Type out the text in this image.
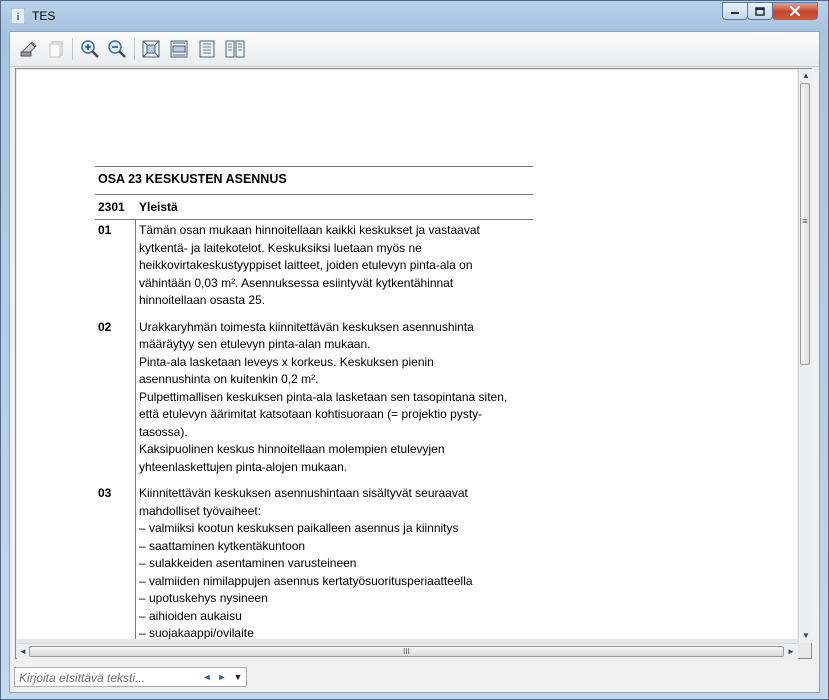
i TES
OSA 23 KESKUSTEN ASENNUS
2301	Yleistä
01	Tämän osan mukaan hinnoitellaan kaikki keskukset ja vastaavat
kytkentä- ja laitekotelot. Keskuksiksi luetaan myös ne
heikkovirtakeskustyyppiset laitteet, joiden etulevyn pinta-ala on
vähintään 0,03 m². Asennuksessa esiintyvät kytkentähinnat
hinnoitellaan osasta 25.
02	Urakkaryhmän toimesta kiinnitettävän keskuksen asennushinta
määräytyy sen etulevyn pinta-alan mukaan.
Pinta-ala lasketaan leveys x korkeus. Keskuksen pienin
asennushinta on kuitenkin 0,2 m².
Pulpettimallisen keskuksen pinta-ala lasketaan sen tasopintana siten,
että etulevyn äärimitat katsotaan kohtisuoraan (= projektio pysty-
tasossa).
Kaksipuolinen keskus hinnoitellaan molempien etulevyjen
yhteenlaskettujen pinta-alojen mukaan.
03	Kiinnitettävän keskuksen asennushintaan sisältyvät seuraavat
mahdolliset työvaiheet:
– valmiiksi kootun keskuksen paikalleen asennus ja kiinnitys
– saattaminen kytkentäkuntoon
– sulakkeiden asentaminen varusteineen
– valmiiden nimilappujen asennus kertatyösuoritusperiaatteella
– upotuskehys nysineen
– aihioiden aukaisu
– suojakaappi/ovilaite
▲
≡
▼
◄	III	►
Kirjoita etsittävä teksti...
◄ ► ▼
